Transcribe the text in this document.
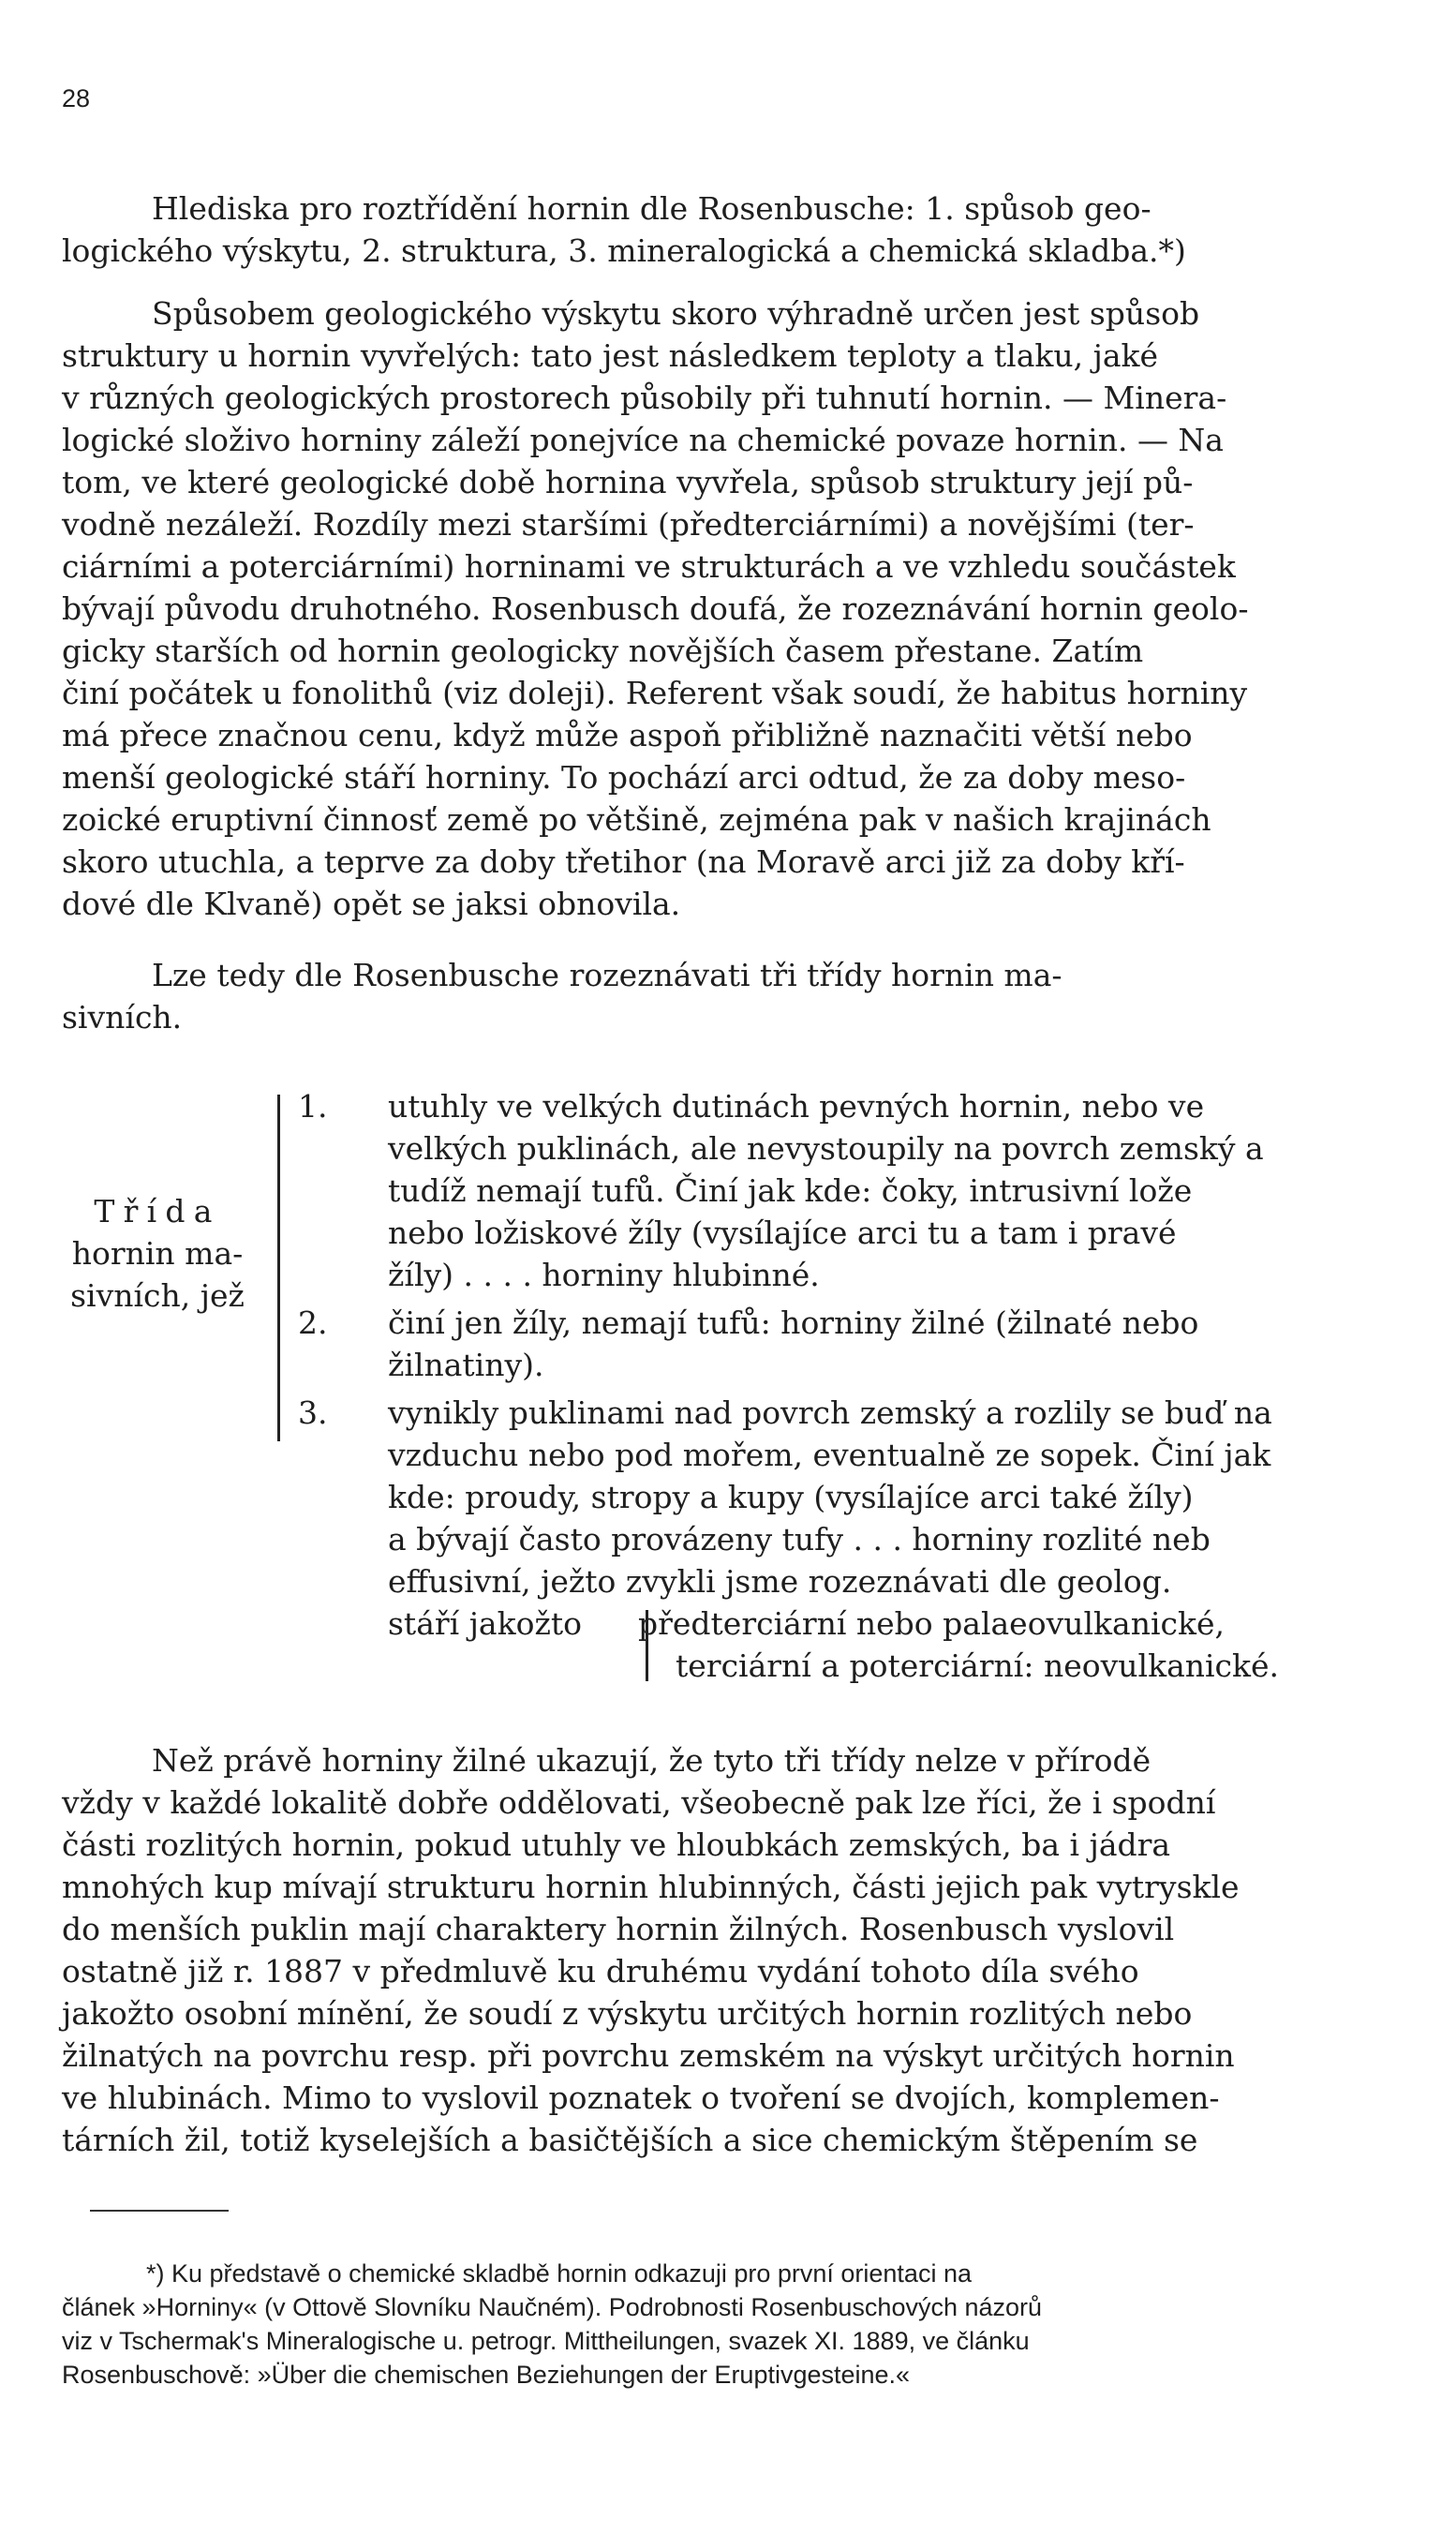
28
Hlediska pro roztřídění hornin dle Rosenbusche: 1. spůsob geo-
logického výskytu, 2. struktura, 3. mineralogická a chemická skladba.*)
Spůsobem geologického výskytu skoro výhradně určen jest spůsob
struktury u hornin vyvřelých: tato jest následkem teploty a tlaku, jaké
v různých geologických prostorech působily při tuhnutí hornin. — Minera-
logické složivo horniny záleží ponejvíce na chemické povaze hornin. — Na
tom, ve které geologické době hornina vyvřela, spůsob struktury její pů-
vodně nezáleží. Rozdíly mezi staršími (předterciárními) a novějšími (ter-
ciárními a poterciárními) horninami ve strukturách a ve vzhledu součástek
bývají původu druhotného. Rosenbusch doufá, že rozeznávání hornin geolo-
gicky starších od hornin geologicky novějších časem přestane. Zatím
činí počátek u fonolithů (viz doleji). Referent však soudí, že habitus horniny
má přece značnou cenu, když může aspoň přibližně naznačiti větší nebo
menší geologické stáří horniny. To pochází arci odtud, že za doby meso-
zoické eruptivní činnosť země po většině, zejména pak v našich krajinách
skoro utuchla, a teprve za doby třetihor (na Moravě arci již za doby kří-
dové dle Klvaně) opět se jaksi obnovila.
Lze tedy dle Rosenbusche rozeznávati tři třídy hornin ma-
sivních.
Třída
hornin ma-
sivních, jež
1. utuhly ve velkých dutinách pevných hornin, nebo ve
velkých puklinách, ale nevystoupily na povrch zemský a
tudíž nemají tufů. Činí jak kde: čoky, intrusivní lože
nebo ložiskové žíly (vysílajíce arci tu a tam i pravé
žíly) . . . . horniny hlubinné.
2. činí jen žíly, nemají tufů: horniny žilné (žilnaté nebo
žilnatiny).
3. vynikly puklinami nad povrch zemský a rozlily se buď na
vzduchu nebo pod mořem, eventualně ze sopek. Činí jak
kde: proudy, stropy a kupy (vysílajíce arci také žíly)
a bývají často provázeny tufy . . . horniny rozlité neb
effusivní, ježto zvykli jsme rozeznávati dle geolog.
stáří jakožto předterciární nebo palaeovulkanické,
terciární a poterciární: neovulkanické.
Než právě horniny žilné ukazují, že tyto tři třídy nelze v přírodě
vždy v každé lokalitě dobře oddělovati, všeobecně pak lze říci, že i spodní
části rozlitých hornin, pokud utuhly ve hloubkách zemských, ba i jádra
mnohých kup mívají strukturu hornin hlubinných, části jejich pak vytryskle
do menších puklin mají charaktery hornin žilných. Rosenbusch vyslovil
ostatně již r. 1887 v předmluvě ku druhému vydání tohoto díla svého
jakožto osobní mínění, že soudí z výskytu určitých hornin rozlitých nebo
žilnatých na povrchu resp. při povrchu zemském na výskyt určitých hornin
ve hlubinách. Mimo to vyslovil poznatek o tvoření se dvojích, komplemen-
tárních žil, totiž kyselejších a basičtějších a sice chemickým štěpením se
*) Ku představě o chemické skladbě hornin odkazuji pro první orientaci na
článek »Horniny« (v Ottově Slovníku Naučném). Podrobnosti Rosenbuschových názorů
viz v Tschermak's Mineralogische u. petrogr. Mittheilungen, svazek XI. 1889, ve článku
Rosenbuschově: »Über die chemischen Beziehungen der Eruptivgesteine.«
